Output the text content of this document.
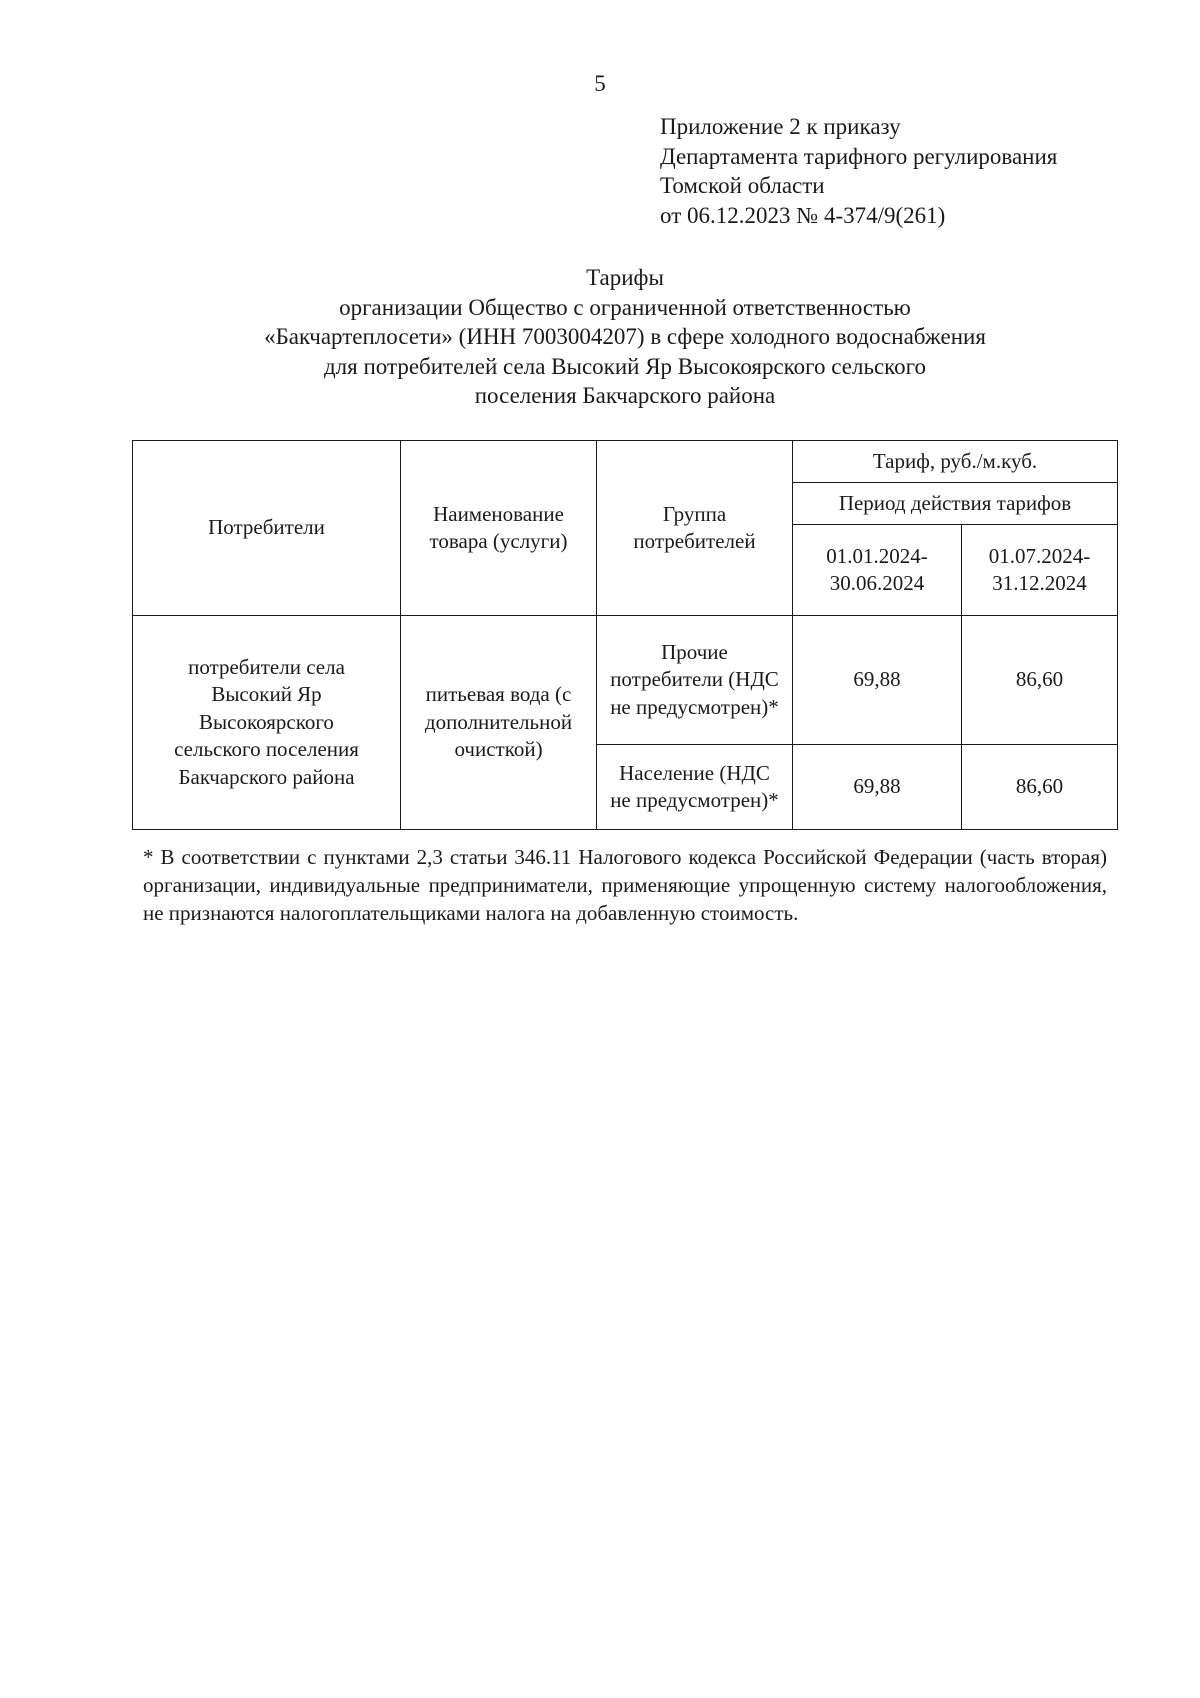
5
Приложение 2 к приказу
Департамента тарифного регулирования
Томской области
от 06.12.2023 № 4-374/9(261)
Тарифы
организации Общество с ограниченной ответственностью
«Бакчартеплосети» (ИНН 7003004207) в сфере холодного водоснабжения
для потребителей села Высокий Яр Высокоярского сельского
поселения Бакчарского района
Потребители	Наименование товара (услуги)	Группа потребителей	Тариф, руб./м.куб.	
			Период действия тарифов	
			01.01.2024-30.06.2024	01.07.2024-31.12.2024
потребители села Высокий Яр Высокоярского сельского поселения Бакчарского района	питьевая вода (с дополнительной очисткой)	Прочие потребители (НДС не предусмотрен)*	69,88	86,60
		Население (НДС не предусмотрен)*	69,88	86,60
* В соответствии с пунктами 2,3 статьи 346.11 Налогового кодекса Российской Федерации (часть вторая) организации, индивидуальные предприниматели, применяющие упрощенную систему налогообложения, не признаются налогоплательщиками налога на добавленную стоимость.
